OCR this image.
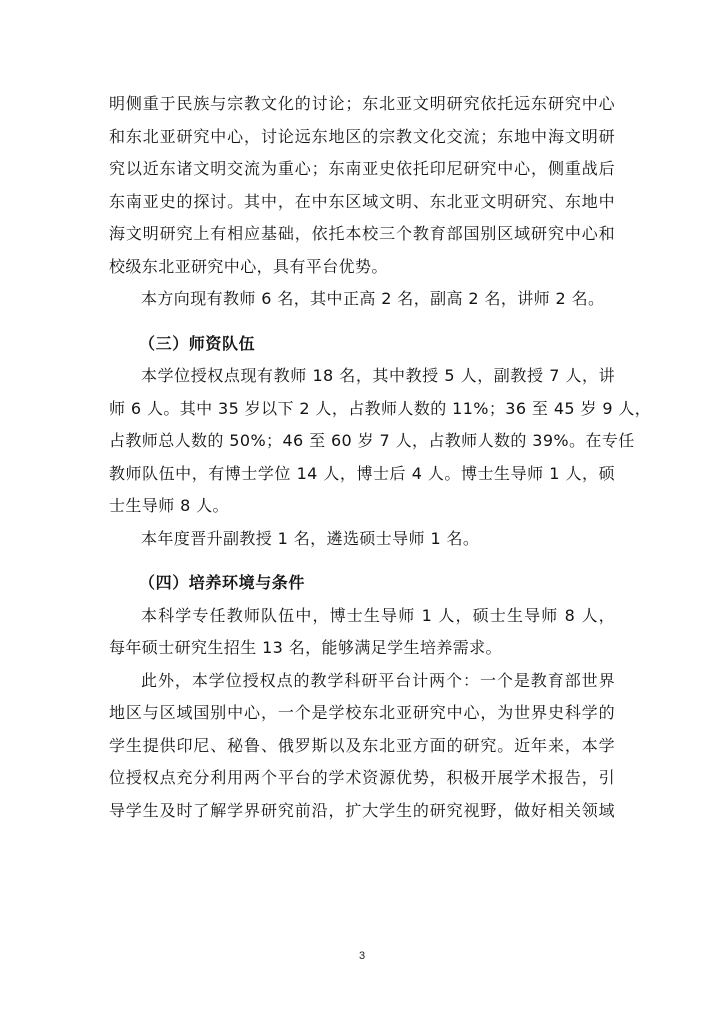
明侧重于民族与宗教文化的讨论；东北亚文明研究依托远东研究中心
和东北亚研究中心，讨论远东地区的宗教文化交流；东地中海文明研
究以近东诸文明交流为重心；东南亚史依托印尼研究中心，侧重战后
东南亚史的探讨。其中，在中东区域文明、东北亚文明研究、东地中
海文明研究上有相应基础，依托本校三个教育部国别区域研究中心和
校级东北亚研究中心，具有平台优势。
本方向现有教师 6 名，其中正高 2 名，副高 2 名，讲师 2 名。
（三）师资队伍
本学位授权点现有教师 18 名，其中教授 5 人，副教授 7 人，讲
师 6 人。其中 35 岁以下 2 人，占教师人数的 11%；36 至 45 岁 9 人，
占教师总人数的 50%；46 至 60 岁 7 人，占教师人数的 39%。在专任
教师队伍中，有博士学位 14 人，博士后 4 人。博士生导师 1 人，硕
士生导师 8 人。
本年度晋升副教授 1 名，遴选硕士导师 1 名。
（四）培养环境与条件
本科学专任教师队伍中，博士生导师 1 人，硕士生导师 8 人，
每年硕士研究生招生 13 名，能够满足学生培养需求。
此外，本学位授权点的教学科研平台计两个：一个是教育部世界
地区与区域国别中心，一个是学校东北亚研究中心，为世界史科学的
学生提供印尼、秘鲁、俄罗斯以及东北亚方面的研究。近年来，本学
位授权点充分利用两个平台的学术资源优势，积极开展学术报告，引
导学生及时了解学界研究前沿，扩大学生的研究视野，做好相关领域
3
